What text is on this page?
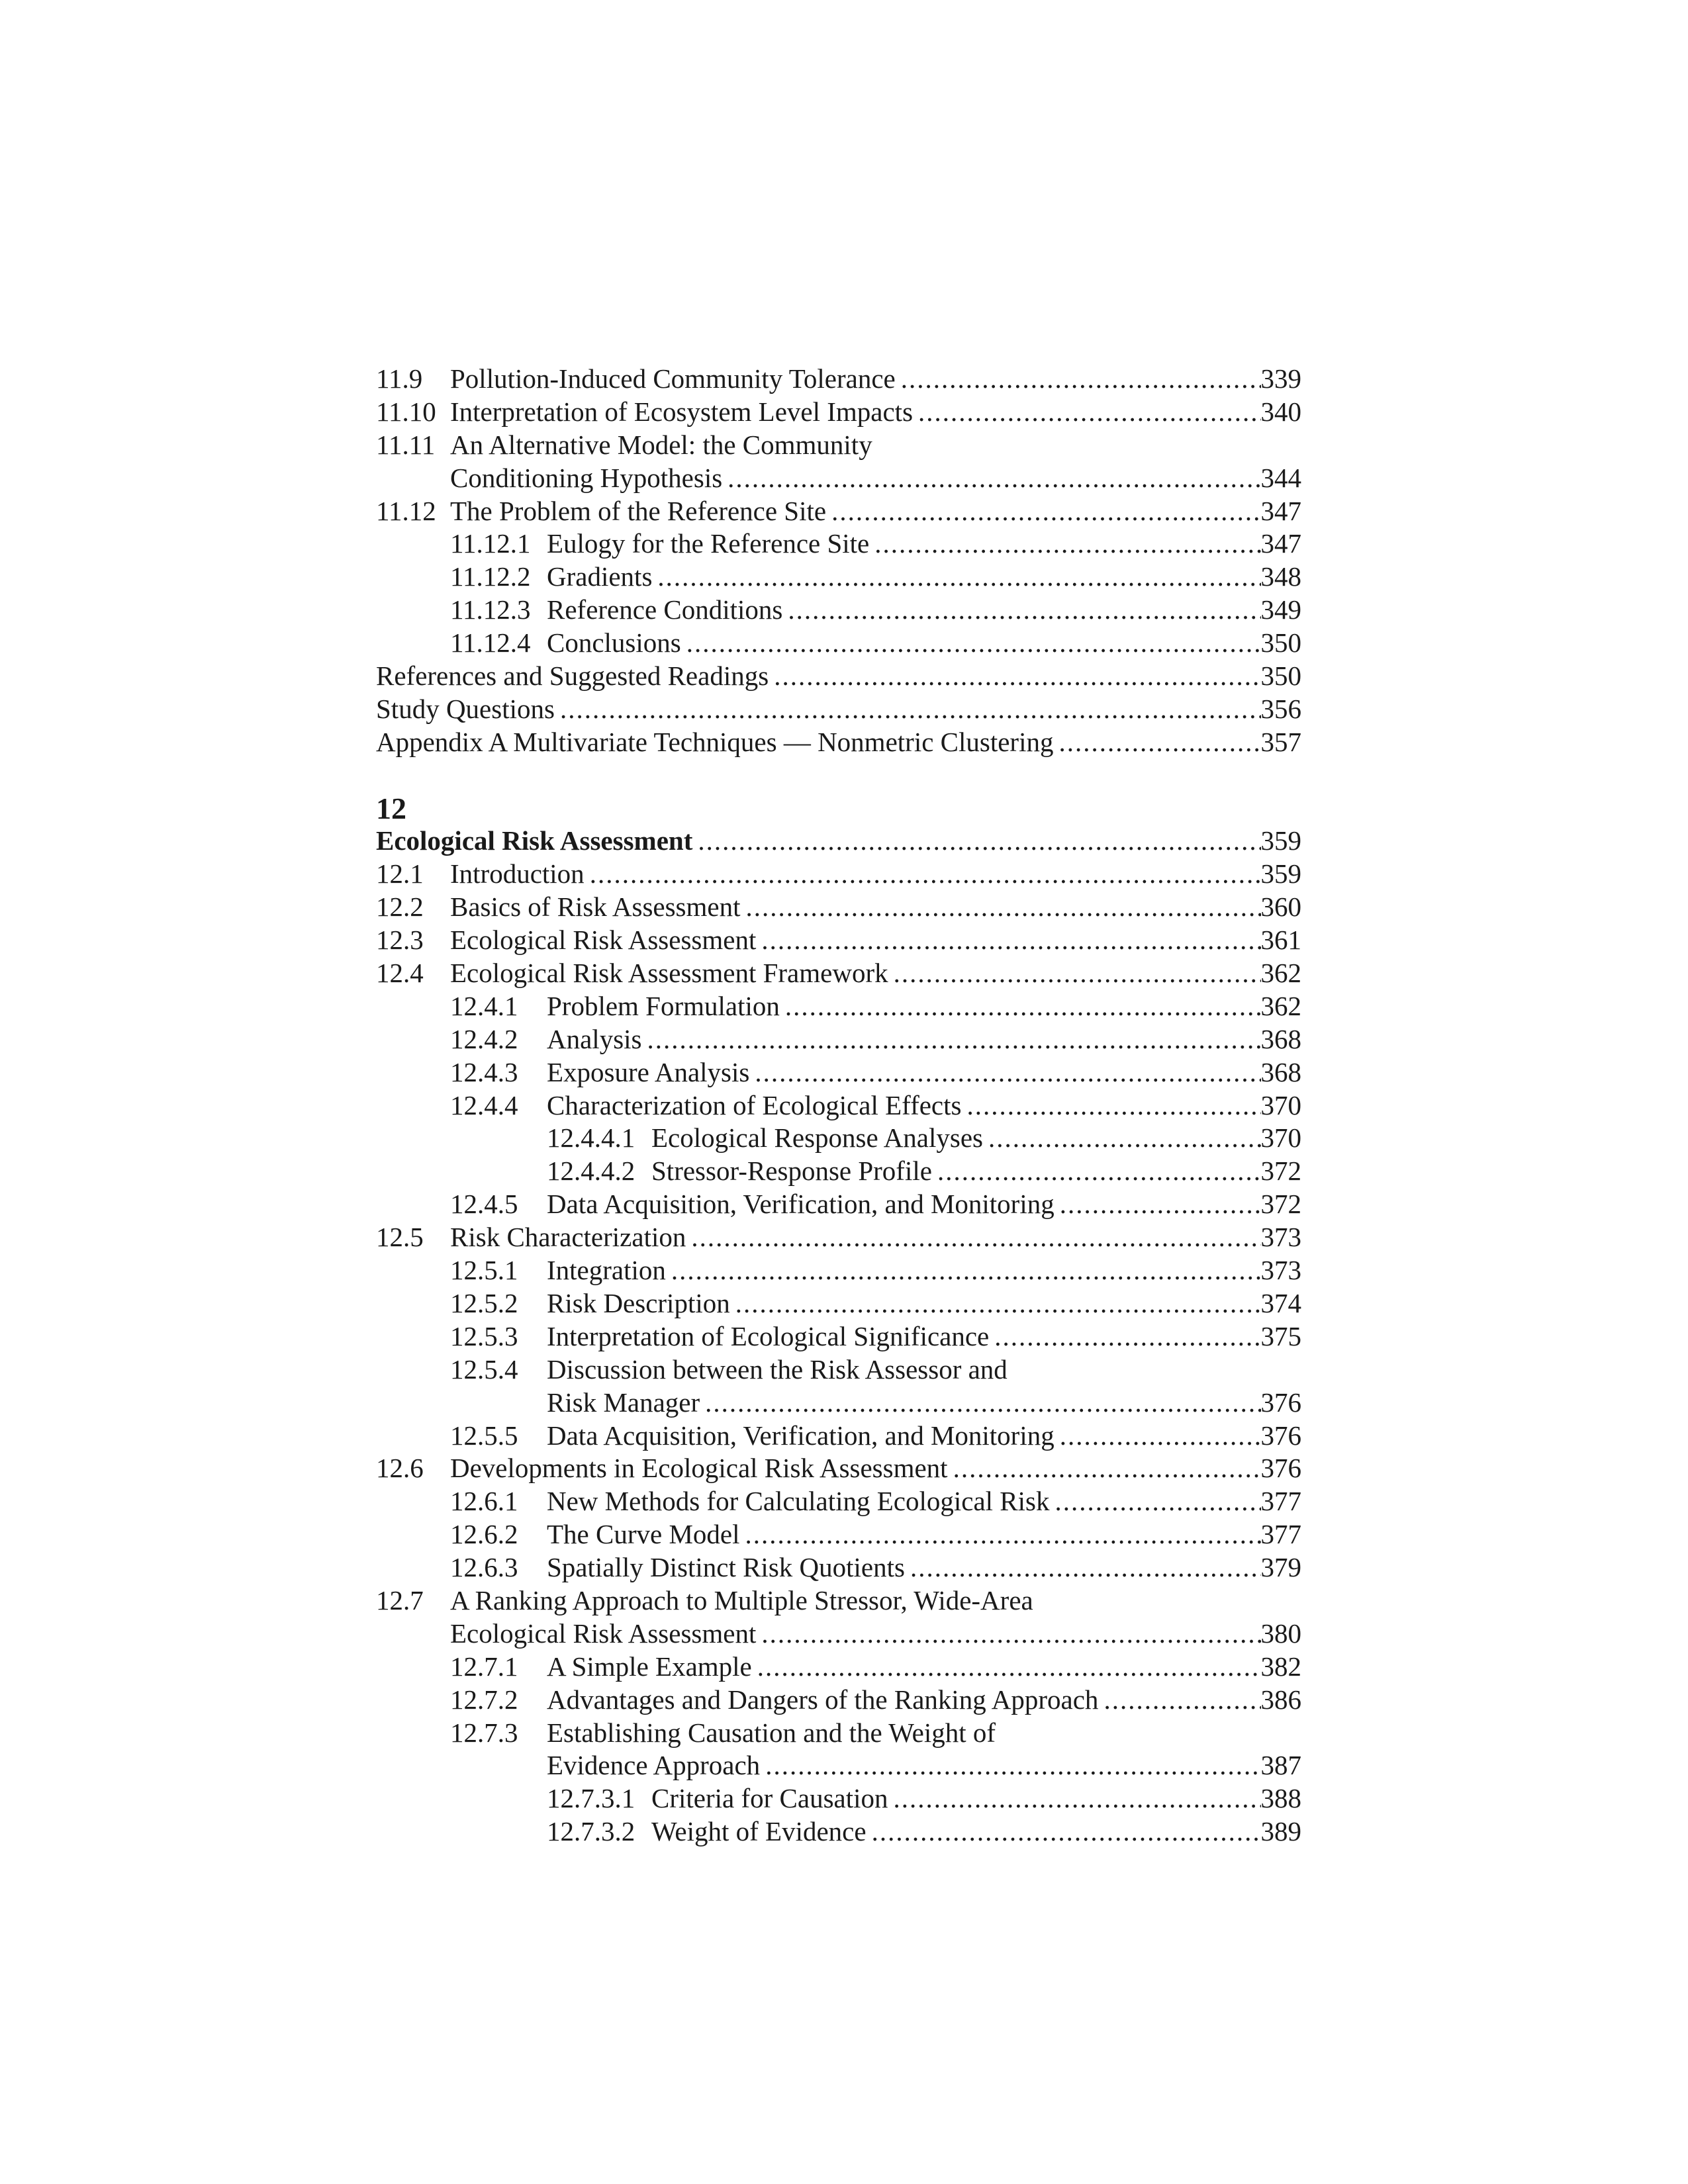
11.9 Pollution-Induced Community Tolerance .....	339
11.10 Interpretation of Ecosystem Level Impacts .....	340
11.11 An Alternative Model: the Community
Conditioning Hypothesis .....	344
11.12 The Problem of the Reference Site .....	347
11.12.1 Eulogy for the Reference Site .....	347
11.12.2 Gradients .....	348
11.12.3 Reference Conditions .....	349
11.12.4 Conclusions .....	350
References and Suggested Readings .....	350
Study Questions .....	356
Appendix A Multivariate Techniques — Nonmetric Clustering .....	357
12
Ecological Risk Assessment .....	359
12.1 Introduction .....	359
12.2 Basics of Risk Assessment .....	360
12.3 Ecological Risk Assessment .....	361
12.4 Ecological Risk Assessment Framework .....	362
12.4.1 Problem Formulation .....	362
12.4.2 Analysis .....	368
12.4.3 Exposure Analysis .....	368
12.4.4 Characterization of Ecological Effects .....	370
12.4.4.1 Ecological Response Analyses .....	370
12.4.4.2 Stressor-Response Profile .....	372
12.4.5 Data Acquisition, Verification, and Monitoring .....	372
12.5 Risk Characterization .....	373
12.5.1 Integration .....	373
12.5.2 Risk Description .....	374
12.5.3 Interpretation of Ecological Significance .....	375
12.5.4 Discussion between the Risk Assessor and
Risk Manager .....	376
12.5.5 Data Acquisition, Verification, and Monitoring .....	376
12.6 Developments in Ecological Risk Assessment .....	376
12.6.1 New Methods for Calculating Ecological Risk .....	377
12.6.2 The Curve Model .....	377
12.6.3 Spatially Distinct Risk Quotients .....	379
12.7 A Ranking Approach to Multiple Stressor, Wide-Area
Ecological Risk Assessment .....	380
12.7.1 A Simple Example .....	382
12.7.2 Advantages and Dangers of the Ranking Approach .....	386
12.7.3 Establishing Causation and the Weight of
Evidence Approach .....	387
12.7.3.1 Criteria for Causation .....	388
12.7.3.2 Weight of Evidence .....	389
